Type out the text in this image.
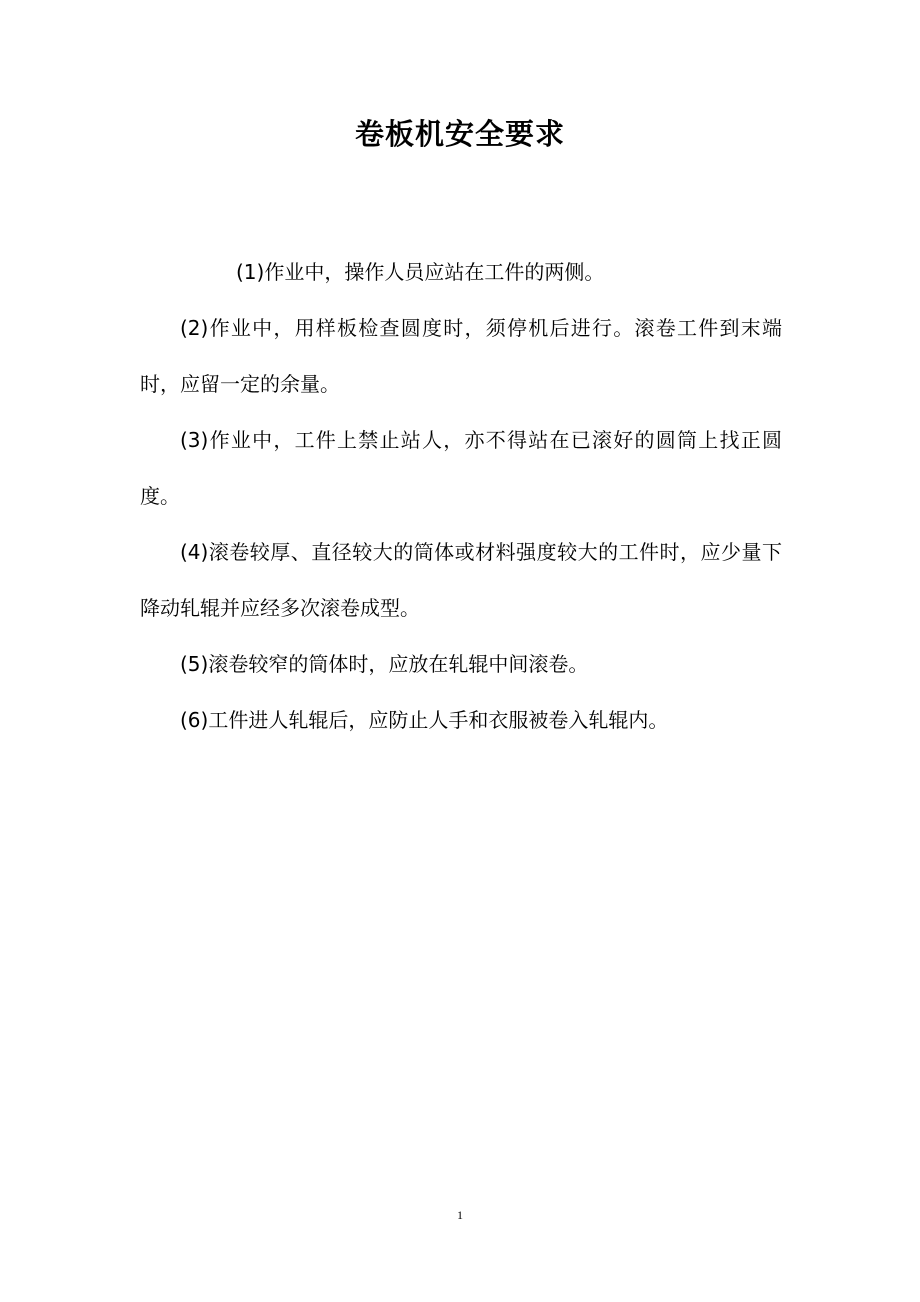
卷板机安全要求

(1)作业中，操作人员应站在工件的两侧。

(2)作业中，用样板检查圆度时，须停机后进行。滚卷工件到末端时，应留一定的余量。

(3)作业中，工件上禁止站人，亦不得站在已滚好的圆筒上找正圆度。

(4)滚卷较厚、直径较大的筒体或材料强度较大的工件时，应少量下降动轧辊并应经多次滚卷成型。

(5)滚卷较窄的筒体时，应放在轧辊中间滚卷。

(6)工件进人轧辊后，应防止人手和衣服被卷入轧辊内。

1
